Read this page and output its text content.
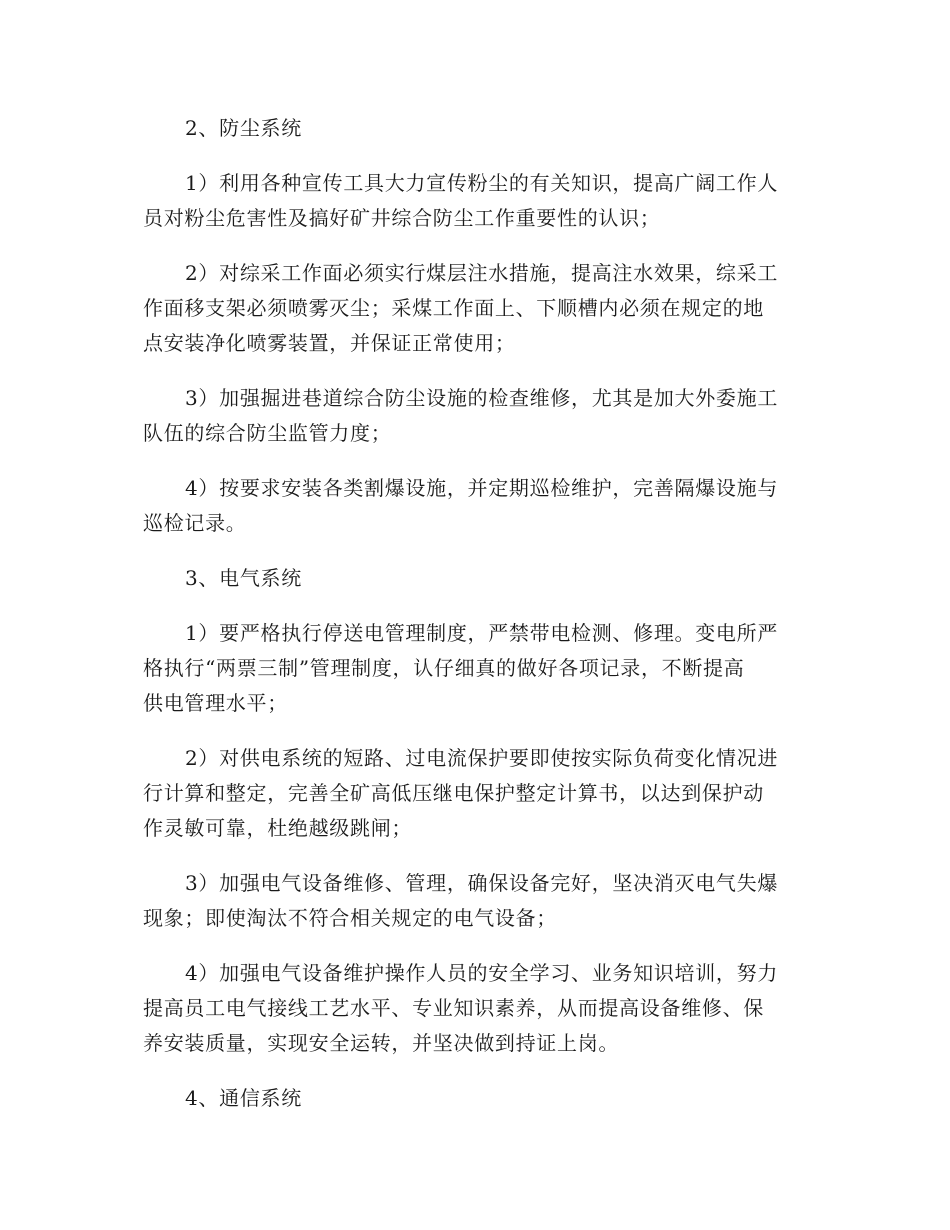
2、防尘系统
1）利用各种宣传工具大力宣传粉尘的有关知识，提高广阔工作人
员对粉尘危害性及搞好矿井综合防尘工作重要性的认识；
2）对综采工作面必须实行煤层注水措施，提高注水效果，综采工
作面移支架必须喷雾灭尘；采煤工作面上、下顺槽内必须在规定的地
点安装净化喷雾装置，并保证正常使用；
3）加强掘进巷道综合防尘设施的检查维修，尤其是加大外委施工
队伍的综合防尘监管力度；
4）按要求安装各类割爆设施，并定期巡检维护，完善隔爆设施与
巡检记录。
3、电气系统
1）要严格执行停送电管理制度，严禁带电检测、修理。变电所严
格执行“两票三制”管理制度，认仔细真的做好各项记录，不断提高
供电管理水平；
2）对供电系统的短路、过电流保护要即使按实际负荷变化情况进
行计算和整定，完善全矿高低压继电保护整定计算书，以达到保护动
作灵敏可靠，杜绝越级跳闸；
3）加强电气设备维修、管理，确保设备完好，坚决消灭电气失爆
现象；即使淘汰不符合相关规定的电气设备；
4）加强电气设备维护操作人员的安全学习、业务知识培训，努力
提高员工电气接线工艺水平、专业知识素养，从而提高设备维修、保
养安装质量，实现安全运转，并坚决做到持证上岗。
4、通信系统
